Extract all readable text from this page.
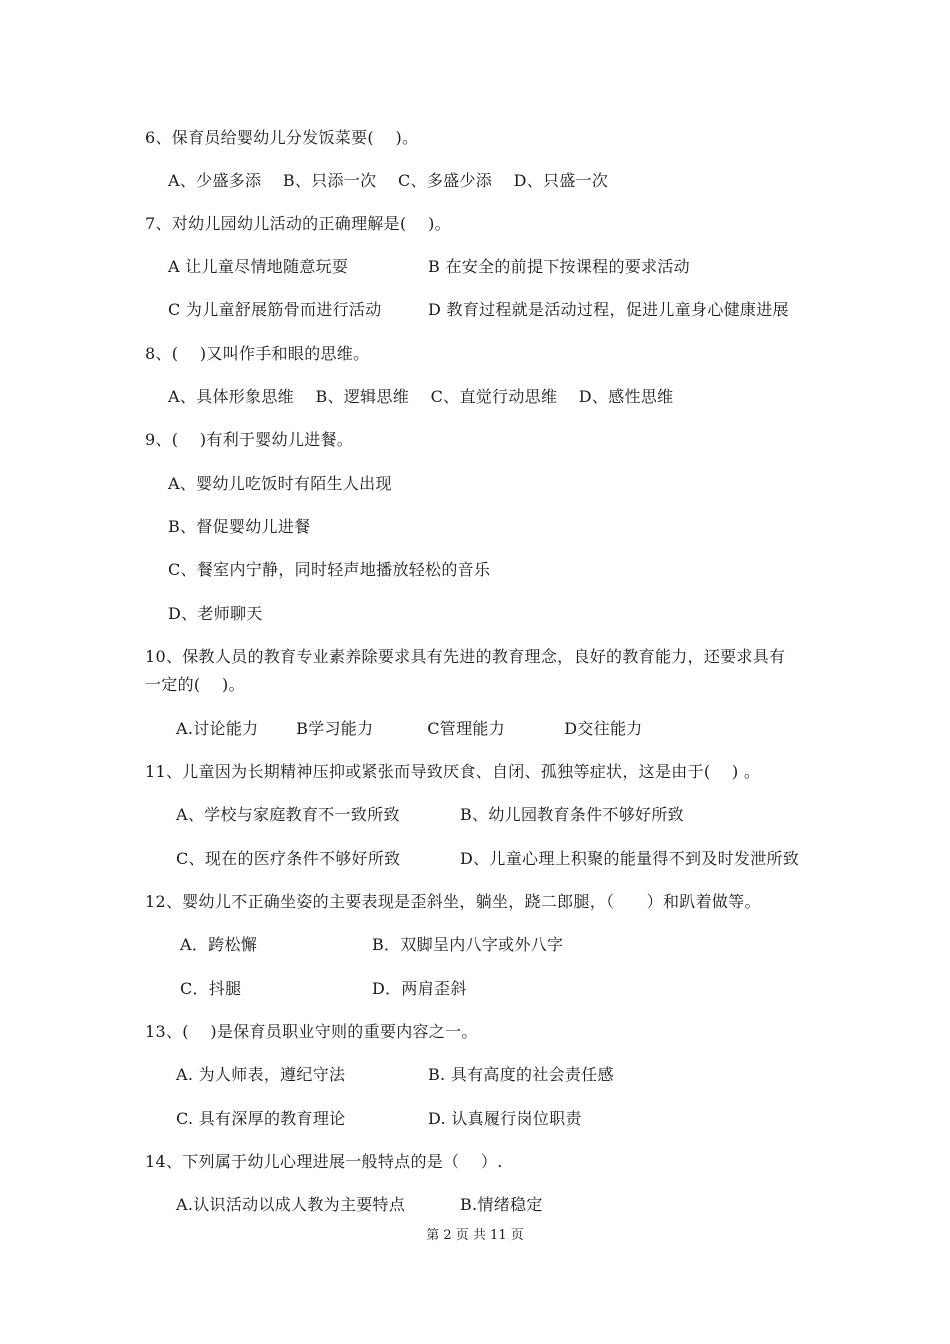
6、保育员给婴幼儿分发饭菜要(    )。
A、少盛多添    B、只添一次    C、多盛少添    D、只盛一次
7、对幼儿园幼儿活动的正确理解是(    )。
A 让儿童尽情地随意玩耍	B 在安全的前提下按课程的要求活动
C 为儿童舒展筋骨而进行活动	D 教育过程就是活动过程，促进儿童身心健康进展
8、(    )又叫作手和眼的思维。
A、具体形象思维    B、逻辑思维    C、直觉行动思维    D、感性思维
9、(    )有利于婴幼儿进餐。
A、婴幼儿吃饭时有陌生人出现
B、督促婴幼儿进餐
C、餐室内宁静，同时轻声地播放轻松的音乐
D、老师聊天
10、保教人员的教育专业素养除要求具有先进的教育理念，良好的教育能力，还要求具有
一定的(    )。
A.讨论能力       B学习能力          C管理能力           D交往能力
11、儿童因为长期精神压抑或紧张而导致厌食、自闭、孤独等症状，这是由于(    ) 。
A、学校与家庭教育不一致所致	B、幼儿园教育条件不够好所致
C、现在的医疗条件不够好所致	D、儿童心理上积聚的能量得不到及时发泄所致
12、婴幼儿不正确坐姿的主要表现是歪斜坐，躺坐，跷二郎腿，（      ）和趴着做等。
A．跨松懈	B．双脚呈内八字或外八字
C．抖腿	D．两肩歪斜
13、(    )是保育员职业守则的重要内容之一。
A. 为人师表，遵纪守法	B. 具有高度的社会责任感
C. 具有深厚的教育理论	D. 认真履行岗位职责
14、下列属于幼儿心理进展一般特点的是（    ）.
A.认识活动以成人教为主要特点	B.情绪稳定
第 2 页 共 11 页
